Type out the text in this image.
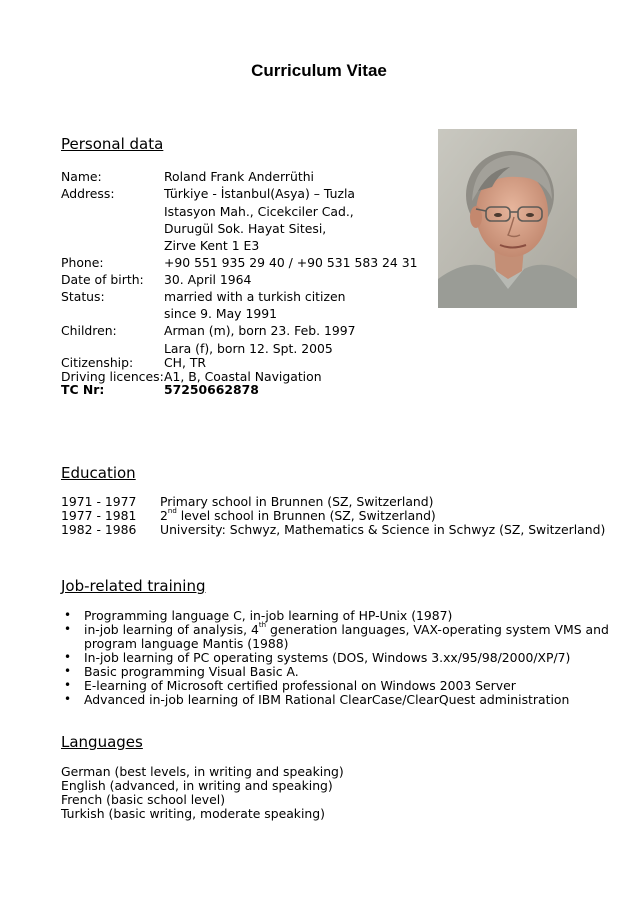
Curriculum Vitae
Personal data
Name:	Roland Frank Anderrüthi
Address:	Türkiye - İstanbul(Asya) – Tuzla
Istasyon Mah., Cicekciler Cad.,
Durugül Sok. Hayat Sitesi,
Zirve Kent 1 E3
Phone:	+90 551 935 29 40 / +90 531 583 24 31
Date of birth: 30. April 1964
Status:	married with a turkish citizen
since 9. May 1991
Children:	Arman (m), born 23. Feb. 1997
Lara (f), born 12. Spt. 2005
Citizenship: CH, TR
Driving licences: A1, B, Coastal Navigation
TC Nr:	57250662878
Education
1971 - 1977 Primary school in Brunnen (SZ, Switzerland)
1977 - 1981 2nd level school in Brunnen (SZ, Switzerland)
1982 - 1986 University: Schwyz, Mathematics & Science in Schwyz (SZ, Switzerland)
Job-related training
• Programming language C, in-job learning of HP-Unix (1987)
• in-job learning of analysis, 4th generation languages, VAX-operating system VMS and
program language Mantis (1988)
• In-job learning of PC operating systems (DOS, Windows 3.xx/95/98/2000/XP/7)
• Basic programming Visual Basic A.
• E-learning of Microsoft certified professional on Windows 2003 Server
• Advanced in-job learning of IBM Rational ClearCase/ClearQuest administration
Languages
German (best levels, in writing and speaking)
English (advanced, in writing and speaking)
French (basic school level)
Turkish (basic writing, moderate speaking)
